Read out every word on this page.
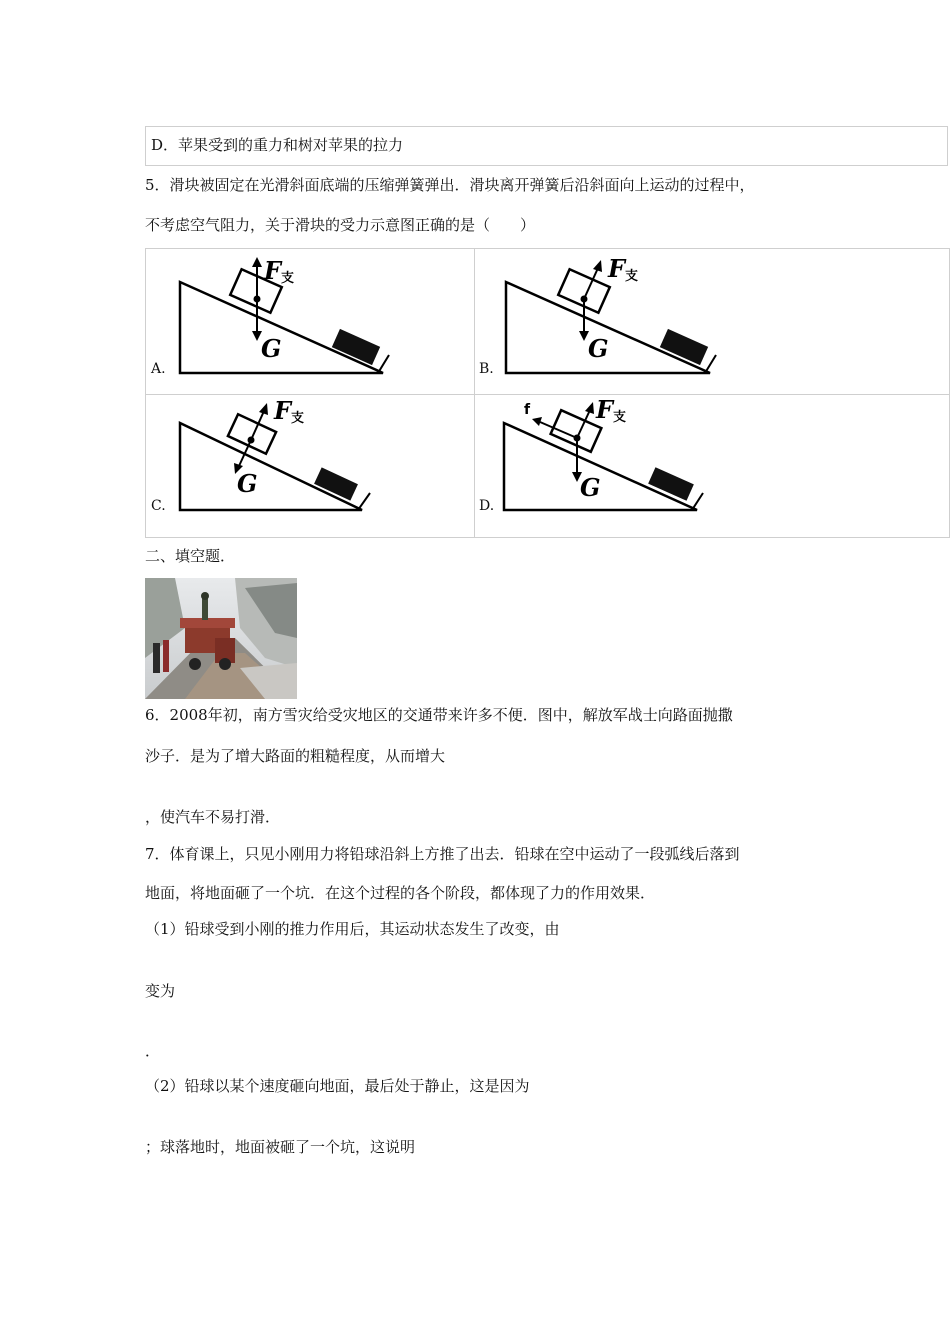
D．苹果受到的重力和树对苹果的拉力
5．滑块被固定在光滑斜面底端的压缩弹簧弹出．滑块离开弹簧后沿斜面向上运动的过程中，
不考虑空气阻力，关于滑块的受力示意图正确的是（　　）
A.
F 支
G
B.
F 支
G
C.
F 支
G
D.
f	F 支
G
二、填空题．
6．2008年初，南方雪灾给受灾地区的交通带来许多不便．图中，解放军战士向路面抛撒
沙子．是为了增大路面的粗糙程度，从而增大
，使汽车不易打滑．
7．体育课上，只见小刚用力将铅球沿斜上方推了出去．铅球在空中运动了一段弧线后落到
地面，将地面砸了一个坑．在这个过程的各个阶段，都体现了力的作用效果．
（1）铅球受到小刚的推力作用后，其运动状态发生了改变，由
变为
．
（2）铅球以某个速度砸向地面，最后处于静止，这是因为
；球落地时，地面被砸了一个坑，这说明
